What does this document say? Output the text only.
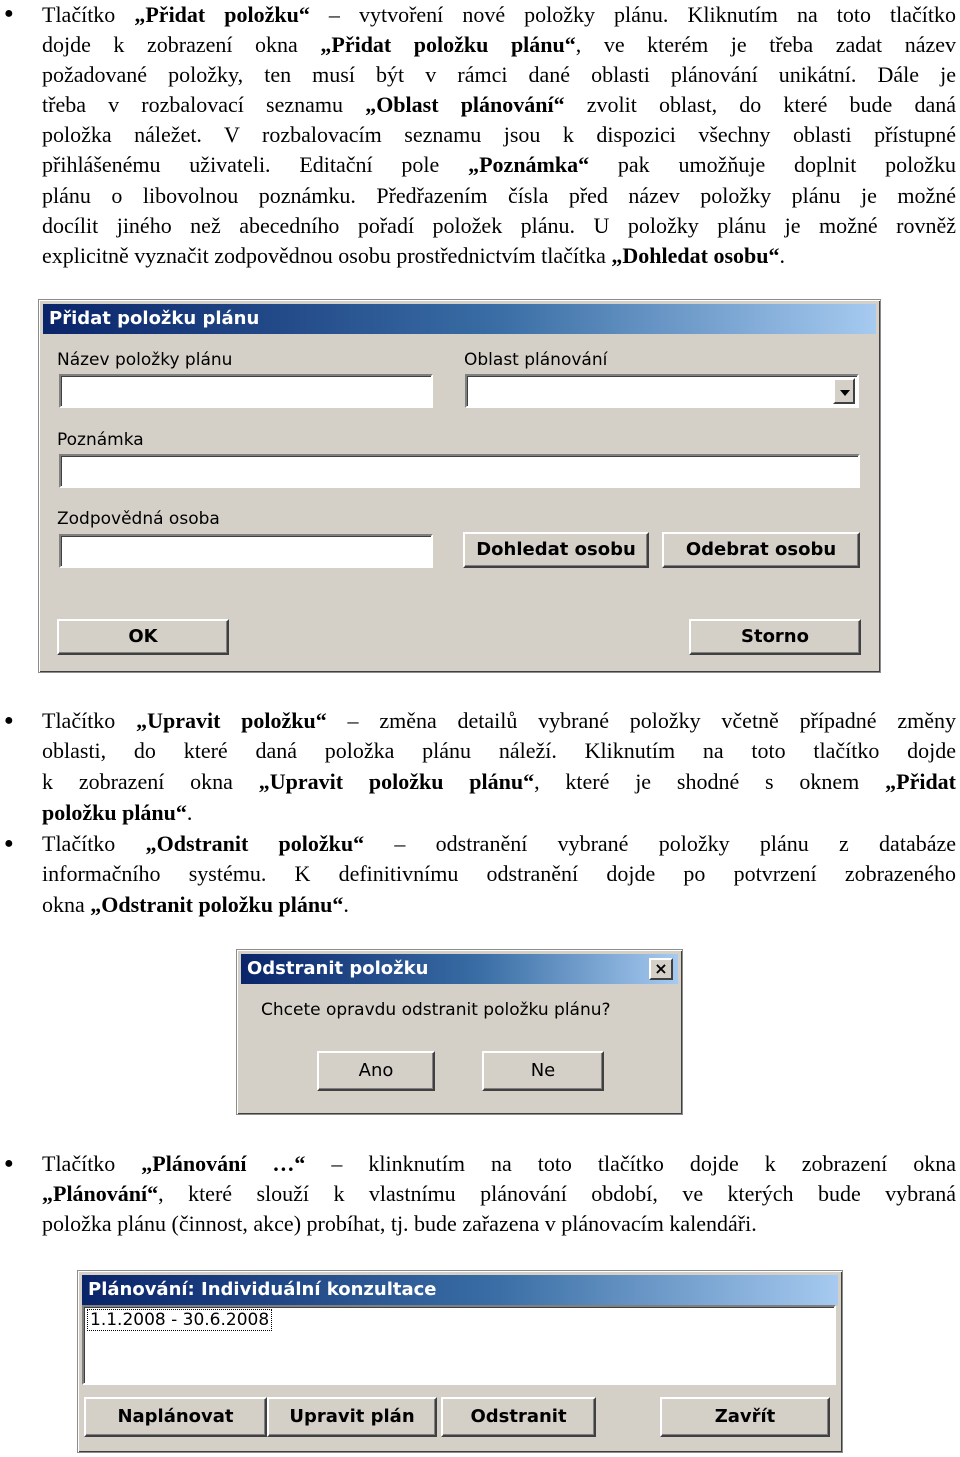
● Tlačítko „Přidat položku“ – vytvoření nové položky plánu. Kliknutím na toto tlačítko
dojde k zobrazení okna „Přidat položku plánu“, ve kterém je třeba zadat název
požadované položky, ten musí být v rámci dané oblasti plánování unikátní. Dále je
třeba v rozbalovací seznamu „Oblast plánování“ zvolit oblast, do které bude daná
položka náležet. V rozbalovacím seznamu jsou k dispozici všechny oblasti přístupné
přihlášenému uživateli. Editační pole „Poznámka“ pak umožňuje doplnit položku
plánu o libovolnou poznámku. Předřazením čísla před název položky plánu je možné
docílit jiného než abecedního pořadí položek plánu. U položky plánu je možné rovněž
explicitně vyznačit zodpovědnou osobu prostřednictvím tlačítka „Dohledat osobu“.
Přidat položku plánu
Název položky plánu	Oblast plánování
Poznámka
Zodpovědná osoba
Dohledat osobu	Odebrat osobu
OK	Storno
● Tlačítko „Upravit položku“ – změna detailů vybrané položky včetně případné změny
oblasti, do které daná položka plánu náleží. Kliknutím na toto tlačítko dojde
k zobrazení okna „Upravit položku plánu“, které je shodné s oknem „Přidat
položku plánu“.
● Tlačítko „Odstranit položku“ – odstranění vybrané položky plánu z databáze
informačního systému. K definitivnímu odstranění dojde po potvrzení zobrazeného
okna „Odstranit položku plánu“.
Odstranit položku	×
Chcete opravdu odstranit položku plánu?
Ano	Ne
● Tlačítko „Plánování …“ – klinknutím na toto tlačítko dojde k zobrazení okna
„Plánování“, které slouží k vlastnímu plánování období, ve kterých bude vybraná
položka plánu (činnost, akce) probíhat, tj. bude zařazena v plánovacím kalendáři.
Plánování: Individuální konzultace
1.1.2008 - 30.6.2008
Naplánovat	Upravit plán	Odstranit	Zavřít
